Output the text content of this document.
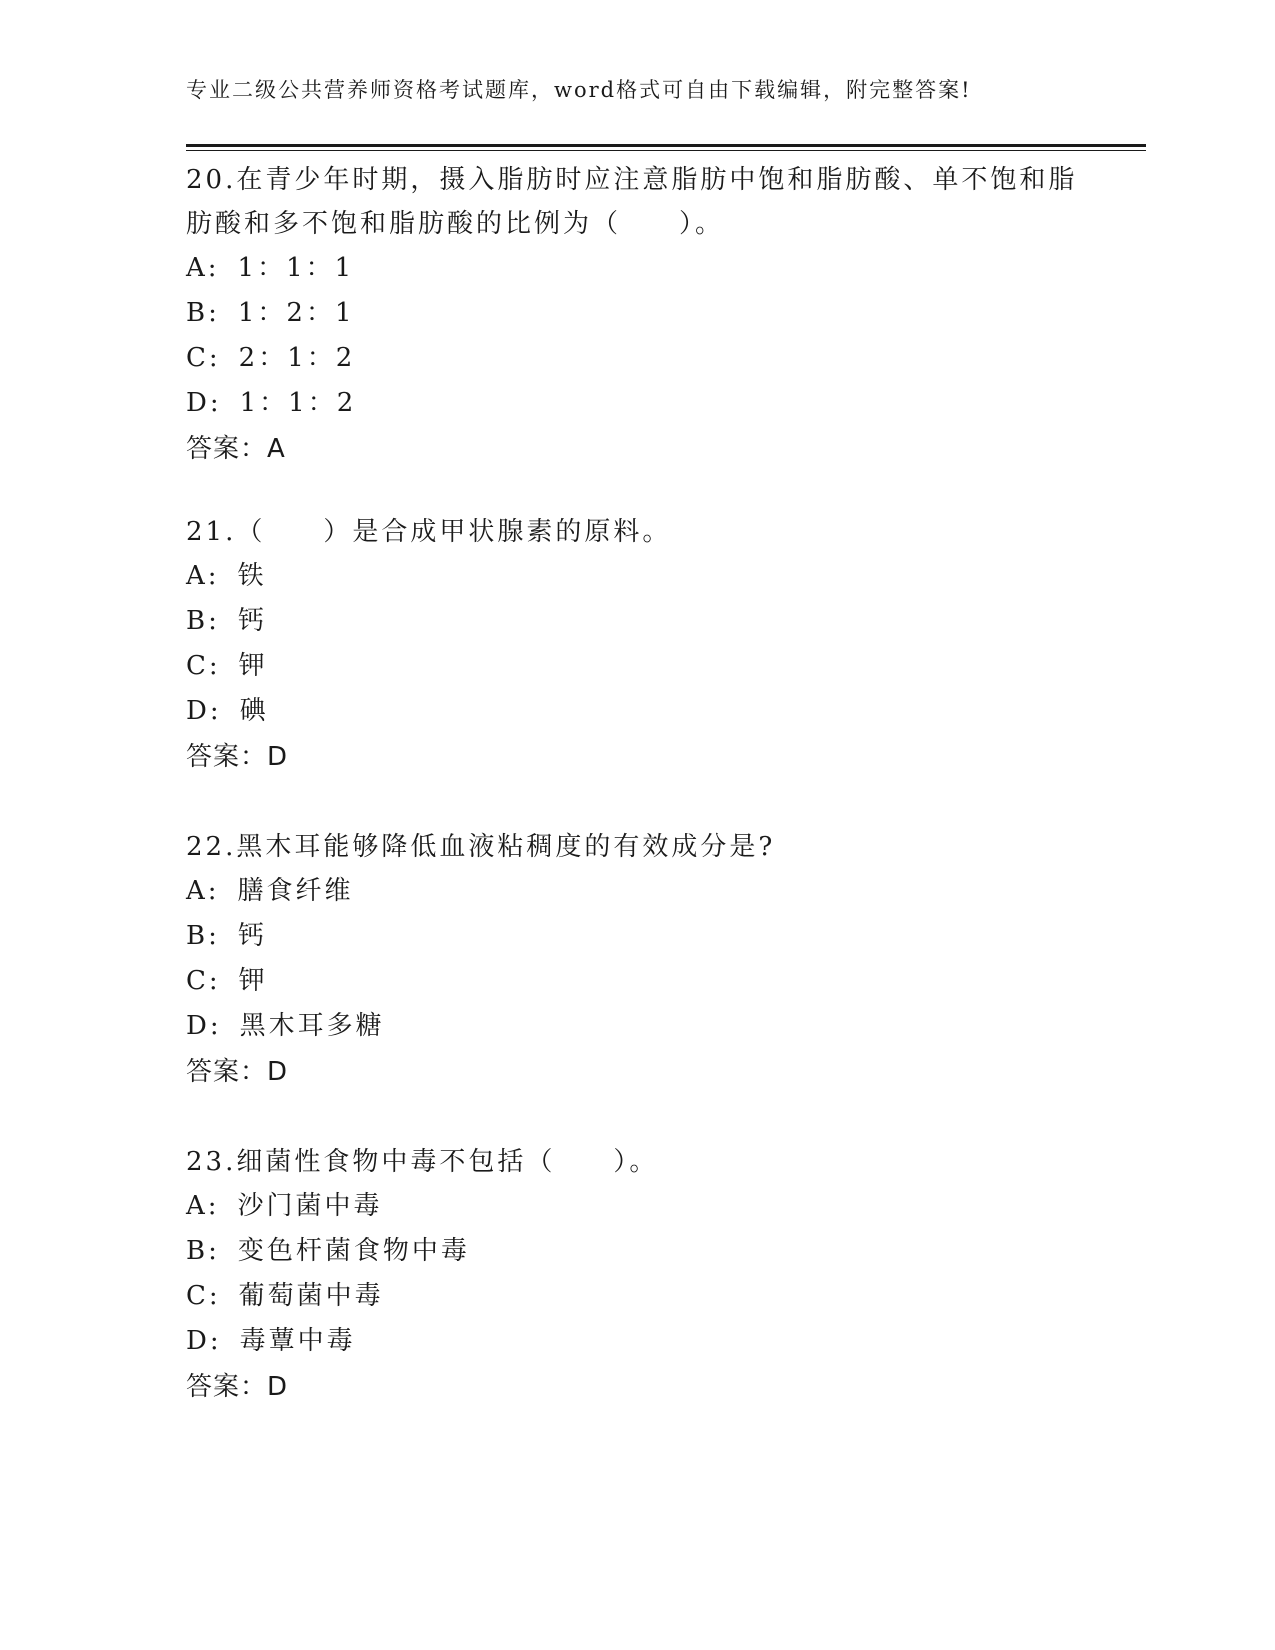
专业二级公共营养师资格考试题库，word格式可自由下载编辑，附完整答案!
20.在青少年时期，摄入脂肪时应注意脂肪中饱和脂肪酸、单不饱和脂
肪酸和多不饱和脂肪酸的比例为（　　）。
A: 1：1：1
B: 1：2：1
C: 2：1：2
D: 1：1：2
答案：A
21.（　　）是合成甲状腺素的原料。
A: 铁
B: 钙
C: 钾
D: 碘
答案：D
22.黑木耳能够降低血液粘稠度的有效成分是?
A: 膳食纤维
B: 钙
C: 钾
D: 黑木耳多糖
答案：D
23.细菌性食物中毒不包括（　　）。
A: 沙门菌中毒
B: 变色杆菌食物中毒
C: 葡萄菌中毒
D: 毒蕈中毒
答案：D
